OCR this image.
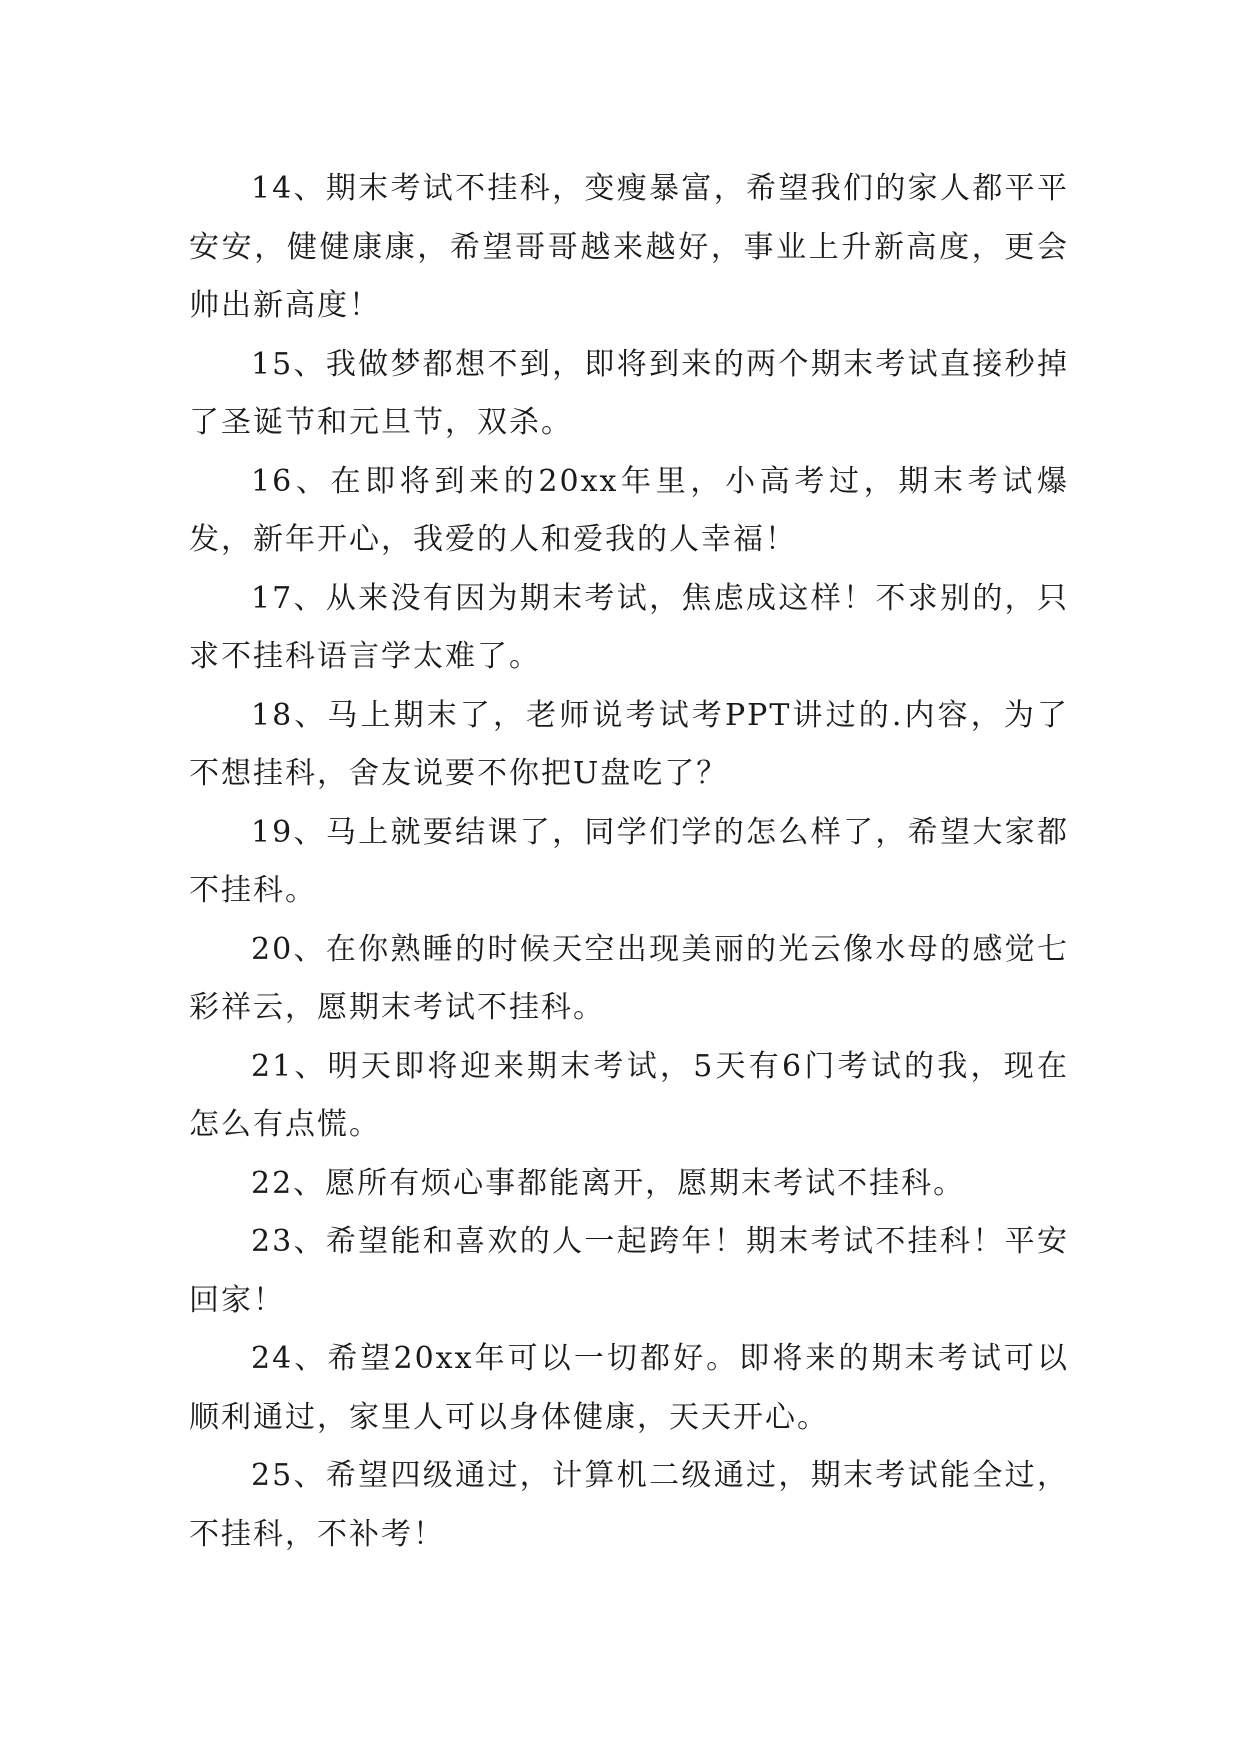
14、期末考试不挂科，变瘦暴富，希望我们的家人都平平安安，健健康康，希望哥哥越来越好，事业上升新高度，更会帅出新高度！

15、我做梦都想不到，即将到来的两个期末考试直接秒掉了圣诞节和元旦节，双杀。

16、在即将到来的20xx年里，小高考过，期末考试爆发，新年开心，我爱的人和爱我的人幸福！

17、从来没有因为期末考试，焦虑成这样！不求别的，只求不挂科语言学太难了。

18、马上期末了，老师说考试考PPT讲过的.内容，为了不想挂科，舍友说要不你把U盘吃了？

19、马上就要结课了，同学们学的怎么样了，希望大家都不挂科。

20、在你熟睡的时候天空出现美丽的光云像水母的感觉七彩祥云，愿期末考试不挂科。

21、明天即将迎来期末考试，5天有6门考试的我，现在怎么有点慌。

22、愿所有烦心事都能离开，愿期末考试不挂科。

23、希望能和喜欢的人一起跨年！期末考试不挂科！平安回家！

24、希望20xx年可以一切都好。即将来的期末考试可以顺利通过，家里人可以身体健康，天天开心。

25、希望四级通过，计算机二级通过，期末考试能全过，不挂科，不补考！
